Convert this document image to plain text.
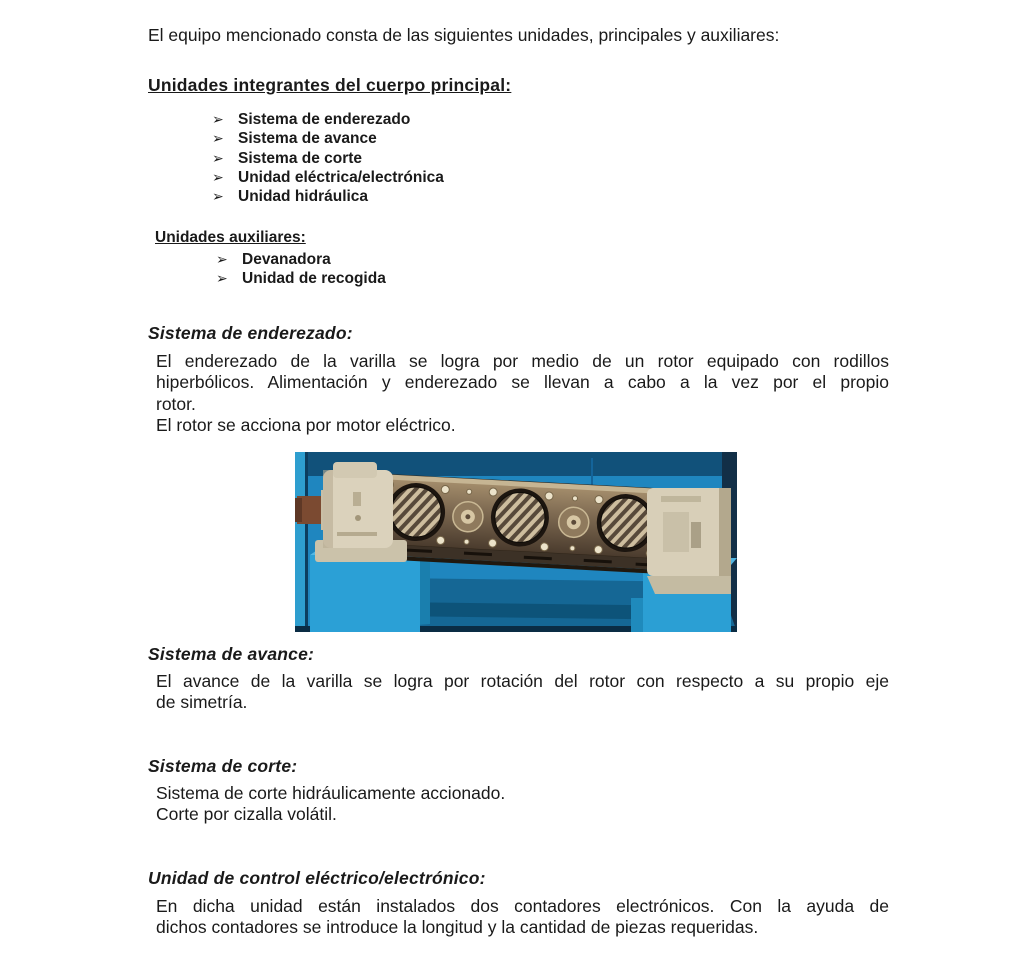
El equipo mencionado consta de las siguientes unidades, principales y auxiliares:
Unidades integrantes del cuerpo principal:
➢ Sistema de enderezado
➢ Sistema de avance
➢ Sistema de corte
➢ Unidad eléctrica/electrónica
➢ Unidad hidráulica
Unidades auxiliares:
➢ Devanadora
➢ Unidad de recogida
Sistema de enderezado:
El enderezado de la varilla se logra por medio de un rotor equipado con rodillos
hiperbólicos. Alimentación y enderezado se llevan a cabo a la vez por el propio
rotor.
El rotor se acciona por motor eléctrico.
Sistema de avance:
El avance de la varilla se logra por rotación del rotor con respecto a su propio eje
de simetría.
Sistema de corte:
Sistema de corte hidráulicamente accionado.
Corte por cizalla volátil.
Unidad de control eléctrico/electrónico:
En dicha unidad están instalados dos contadores electrónicos. Con la ayuda de
dichos contadores se introduce la longitud y la cantidad de piezas requeridas.
